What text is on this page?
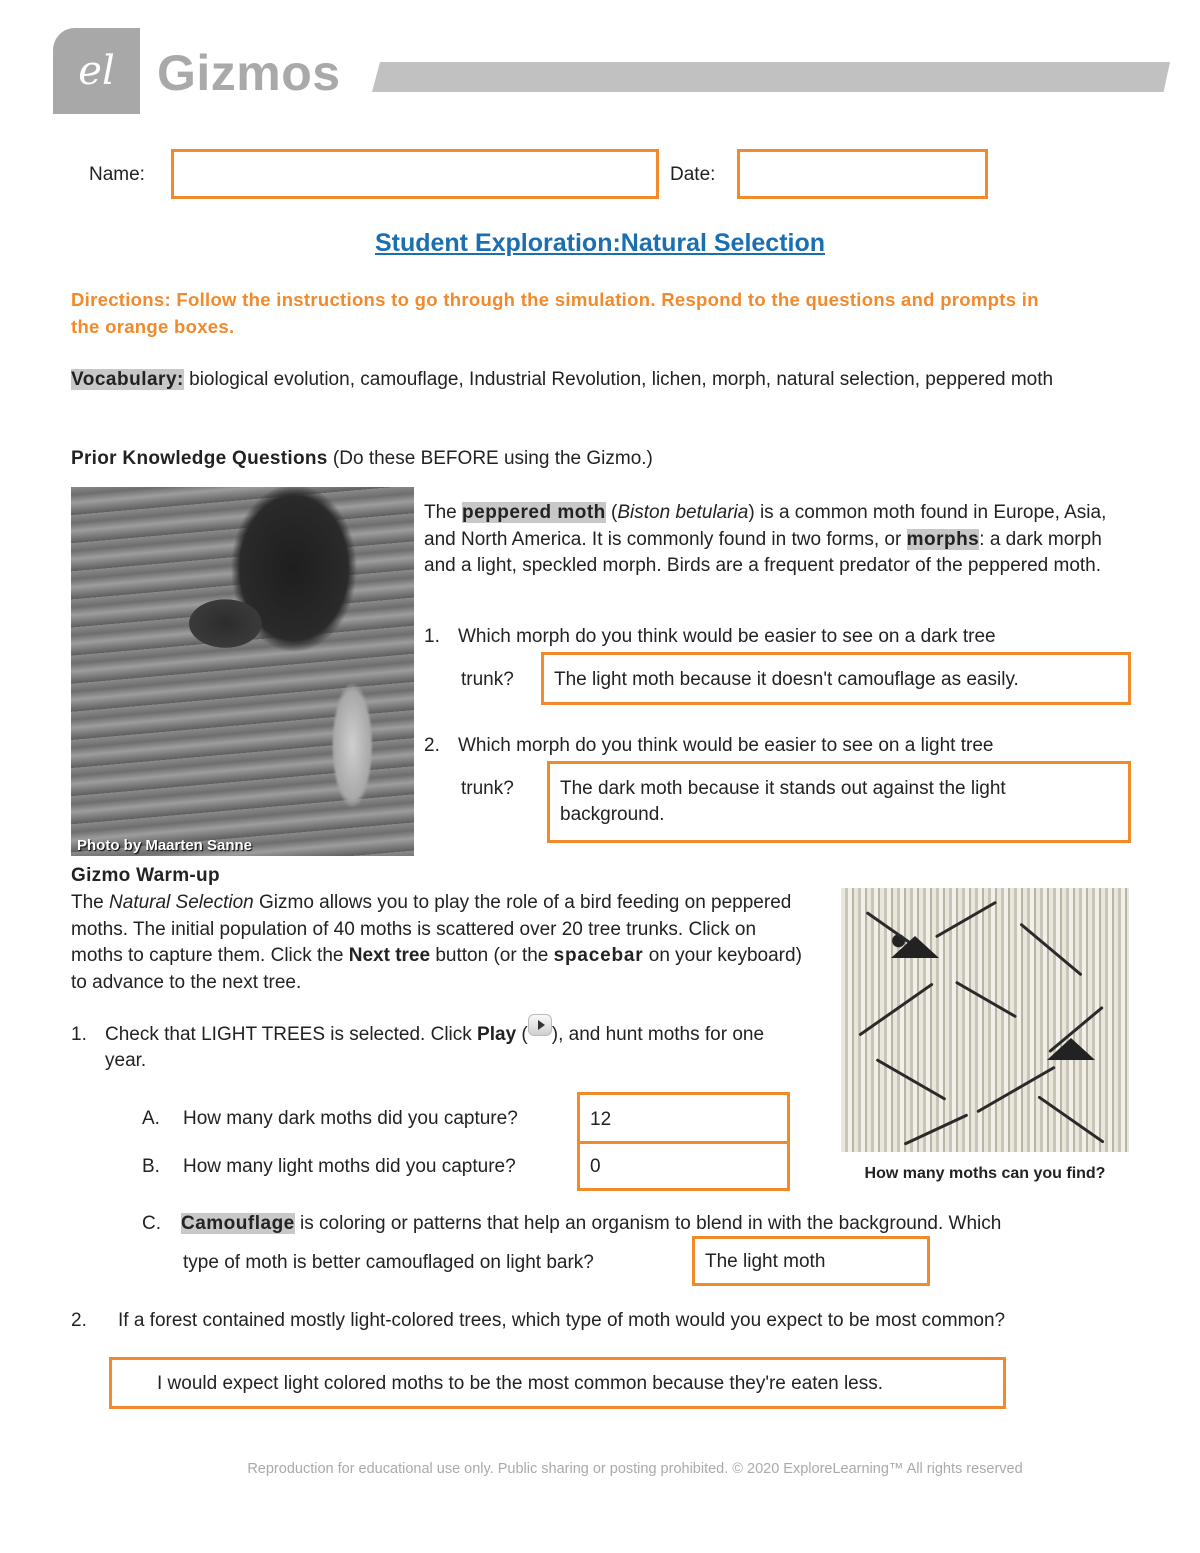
el Gizmos
Name:	Date:
Student Exploration:Natural Selection
Directions: Follow the instructions to go through the simulation. Respond to the questions and prompts in the orange boxes.
Vocabulary: biological evolution, camouflage, Industrial Revolution, lichen, morph, natural selection, peppered moth
Prior Knowledge Questions (Do these BEFORE using the Gizmo.)
Photo by Maarten Sanne
The peppered moth (Biston betularia) is a common moth found in Europe, Asia, and North America. It is commonly found in two forms, or morphs: a dark morph and a light, speckled morph. Birds are a frequent predator of the peppered moth.
1. Which morph do you think would be easier to see on a dark tree
trunk? The light moth because it doesn't camouflage as easily.
2. Which morph do you think would be easier to see on a light tree
trunk? The dark moth because it stands out against the light background.
Gizmo Warm-up
The Natural Selection Gizmo allows you to play the role of a bird feeding on peppered moths. The initial population of 40 moths is scattered over 20 tree trunks. Click on moths to capture them. Click the Next tree button (or the spacebar on your keyboard) to advance to the next tree.
How many moths can you find?
1. Check that LIGHT TREES is selected. Click Play ( ), and hunt moths for one year.
A. How many dark moths did you capture?	12
B. How many light moths did you capture?	0
C. Camouflage is coloring or patterns that help an organism to blend in with the background. Which
type of moth is better camouflaged on light bark?	The light moth
2. If a forest contained mostly light-colored trees, which type of moth would you expect to be most common?
I would expect light colored moths to be the most common because they're eaten less.
Reproduction for educational use only. Public sharing or posting prohibited. © 2020 ExploreLearning™ All rights reserved
